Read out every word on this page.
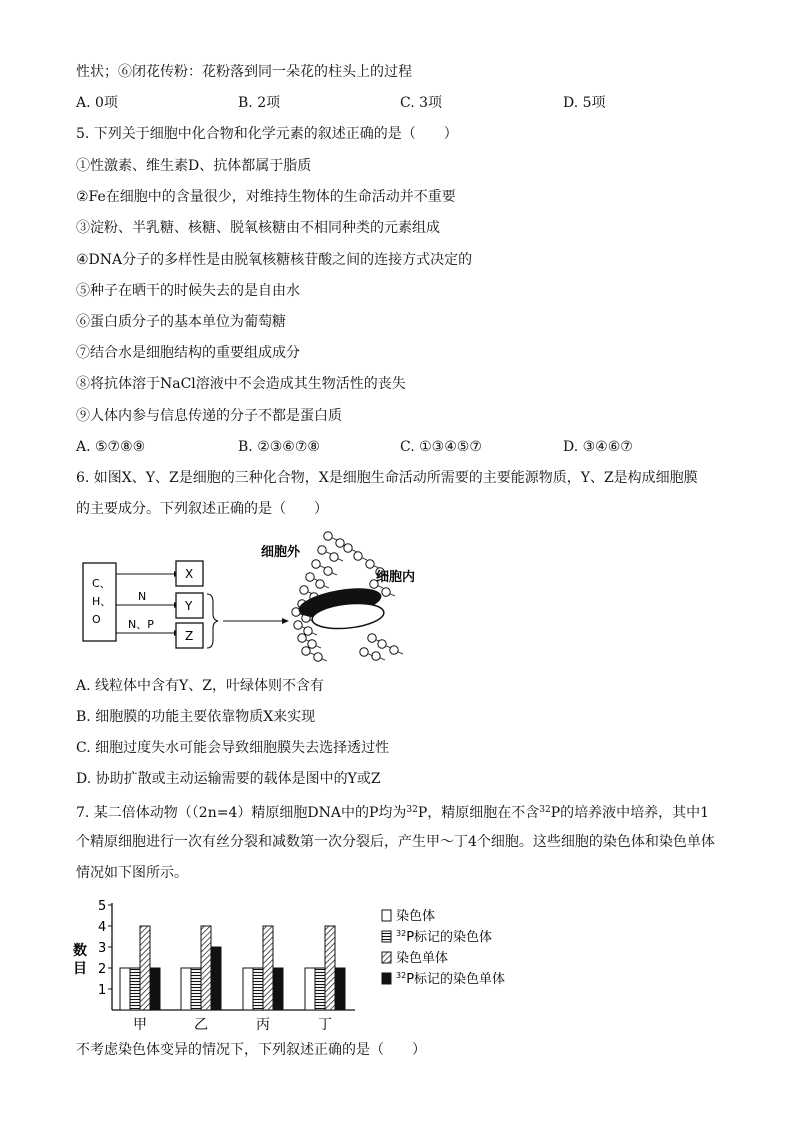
性状；⑥闭花传粉：花粉落到同一朵花的柱头上的过程
A. 0项	B. 2项	C. 3项	D. 5项
5. 下列关于细胞中化合物和化学元素的叙述正确的是（　　）
①性激素、维生素D、抗体都属于脂质
②Fe在细胞中的含量很少，对维持生物体的生命活动并不重要
③淀粉、半乳糖、核糖、脱氧核糖由不相同种类的元素组成
④DNA分子的多样性是由脱氧核糖核苷酸之间的连接方式决定的
⑤种子在晒干的时候失去的是自由水
⑥蛋白质分子的基本单位为葡萄糖
⑦结合水是细胞结构的重要组成成分
⑧将抗体溶于NaCl溶液中不会造成其生物活性的丧失
⑨人体内参与信息传递的分子不都是蛋白质
A. ⑤⑦⑧⑨	B. ②③⑥⑦⑧	C. ①③④⑤⑦	D. ③④⑥⑦
6. 如图X、Y、Z是细胞的三种化合物，X是细胞生命活动所需要的主要能源物质，Y、Z是构成细胞膜
的主要成分。下列叙述正确的是（　　）
C、
H、
O
N
N、P
X
Y
Z
细胞外
细胞内
A. 线粒体中含有Y、Z，叶绿体则不含有
B. 细胞膜的功能主要依靠物质X来实现
C. 细胞过度失水可能会导致细胞膜失去选择透过性
D. 协助扩散或主动运输需要的载体是图中的Y或Z
7. 某二倍体动物（（2n=4）精原细胞DNA中的P均为$^{32}$P，精原细胞在不含$^{32}$P的培养液中培养，其中1
个精原细胞进行一次有丝分裂和减数第一次分裂后，产生甲～丁4个细胞。这些细胞的染色体和染色单体
情况如下图所示。
1
2
3
4
5
数目
甲	乙	丙	丁
染色体
$^{32}$P标记的染色体
染色单体
$^{32}$P标记的染色单体
不考虑染色体变异的情况下，下列叙述正确的是（　　）
